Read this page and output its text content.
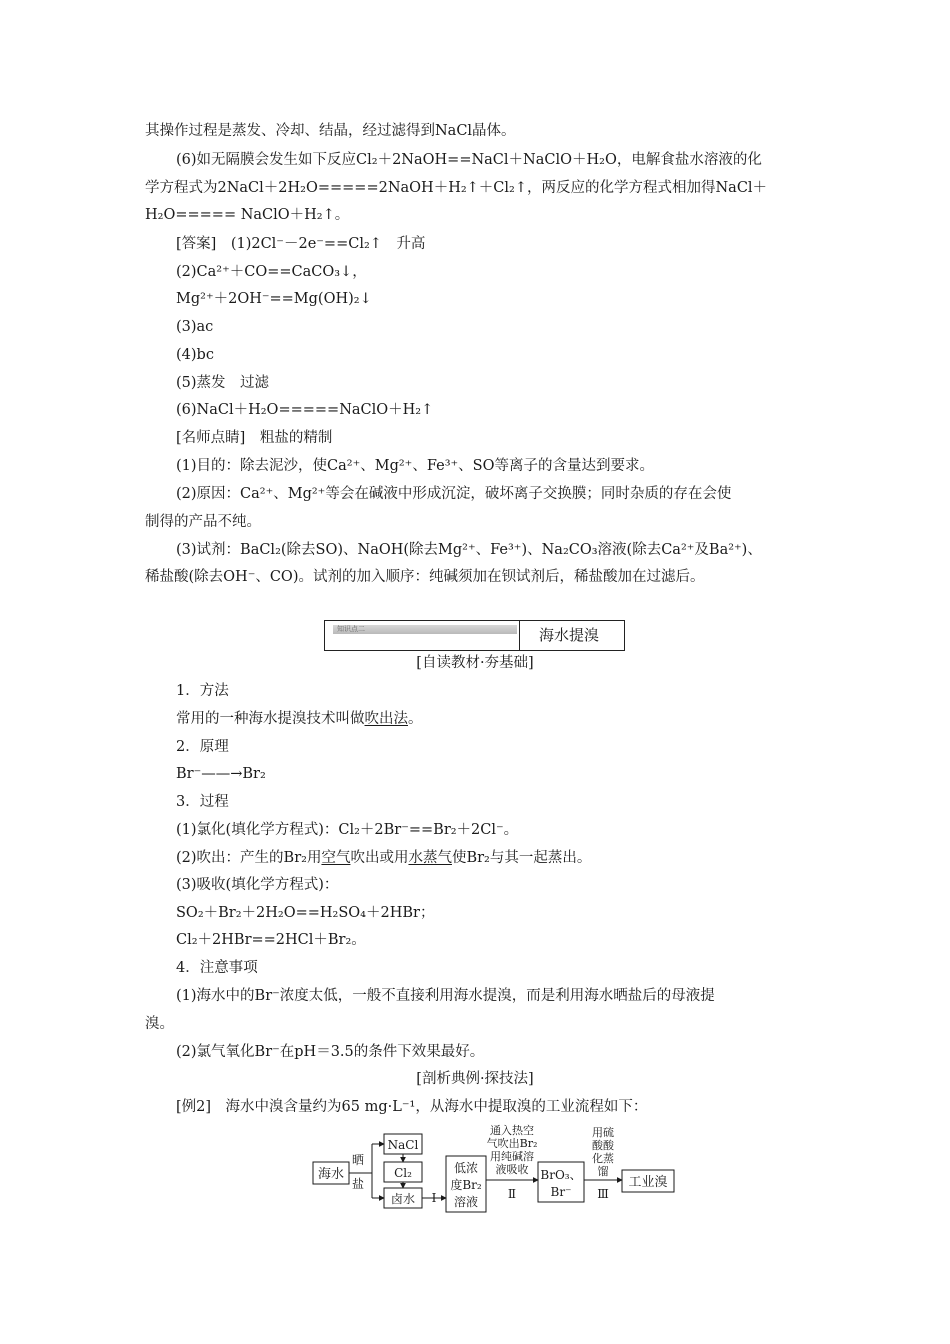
其操作过程是蒸发、冷却、结晶，经过滤得到NaCl晶体。
(6)如无隔膜会发生如下反应Cl₂＋2NaOH==NaCl＋NaClO＋H₂O，电解食盐水溶液的化
学方程式为2NaCl＋2H₂O=====2NaOH＋H₂↑＋Cl₂↑，两反应的化学方程式相加得NaCl＋
H₂O===== NaClO＋H₂↑。
[答案]　(1)2Cl⁻－2e⁻==Cl₂↑　升高
(2)Ca²⁺＋CO==CaCO₃↓，
Mg²⁺＋2OH⁻==Mg(OH)₂↓
(3)ac
(4)bc
(5)蒸发　过滤
(6)NaCl＋H₂O=====NaClO＋H₂↑
[名师点睛]　粗盐的精制
(1)目的：除去泥沙，使Ca²⁺、Mg²⁺、Fe³⁺、SO等离子的含量达到要求。
(2)原因：Ca²⁺、Mg²⁺等会在碱液中形成沉淀，破坏离子交换膜；同时杂质的存在会使
制得的产品不纯。
(3)试剂：BaCl₂(除去SO)、NaOH(除去Mg²⁺、Fe³⁺)、Na₂CO₃溶液(除去Ca²⁺及Ba²⁺)、
稀盐酸(除去OH⁻、CO)。试剂的加入顺序：纯碱须加在钡试剂后，稀盐酸加在过滤后。
知识点二	海水提溴
[自读教材·夯基础]
1．方法
常用的一种海水提溴技术叫做吹出法。
2．原理
Br⁻——→Br₂
3．过程
(1)氯化(填化学方程式)：Cl₂＋2Br⁻==Br₂＋2Cl⁻。
(2)吹出：产生的Br₂用空气吹出或用水蒸气使Br₂与其一起蒸出。
(3)吸收(填化学方程式)：
SO₂＋Br₂＋2H₂O==H₂SO₄＋2HBr；
Cl₂＋2HBr==2HCl＋Br₂。
4．注意事项
(1)海水中的Br⁻浓度太低，一般不直接利用海水提溴，而是利用海水晒盐后的母液提
溴。
(2)氯气氧化Br⁻在pH＝3.5的条件下效果最好。
[剖析典例·探技法]
[例2]　海水中溴含量约为65 mg·L⁻¹，从海水中提取溴的工业流程如下：
海水
晒
盐
NaCl
Cl₂
卤水 Ⅰ
低浓
度Br₂
溶液
通入热空
气吹出Br₂
用纯碱溶
液吸收
Ⅱ
BrO₃、
Br⁻
用硫
酸酸
化蒸
馏
Ⅲ
工业溴
